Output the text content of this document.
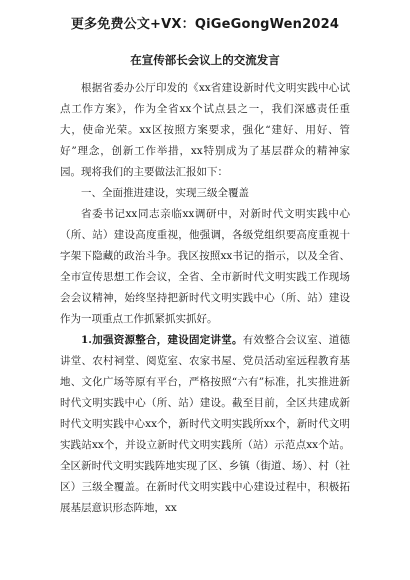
更多免费公文+VX：QiGeGongWen2024
在宣传部长会议上的交流发言

根据省委办公厅印发的《xx省建设新时代文明实践中心试点工作方案》，作为全省xx个试点县之一，我们深感责任重大，使命光荣。xx区按照方案要求，强化“建好、用好、管好”理念，创新工作举措，xx特别成为了基层群众的精神家园。现将我们的主要做法汇报如下：

一、全面推进建设，实现三级全覆盖

省委书记xx同志亲临xx调研中，对新时代文明实践中心（所、站）建设高度重视，他强调，各级党组织要高度重视十字架下隐藏的政治斗争。我区按照xx书记的指示，以及全省、全市宣传思想工作会议，全省、全市新时代文明实践工作现场会会议精神，始终坚持把新时代文明实践中心（所、站）建设作为一项重点工作抓紧抓实抓好。

1.加强资源整合，建设固定讲堂。有效整合会议室、道德讲堂、农村祠堂、阅览室、农家书屋、党员活动室远程教育基地、文化广场等原有平台，严格按照“六有”标准，扎实推进新时代文明实践中心（所、站）建设。截至目前，全区共建成新时代文明实践中心xx个，新时代文明实践所xx个，新时代文明实践站xx个，并设立新时代文明实践所（站）示范点xx个站。全区新时代文明实践阵地实现了区、乡镇（街道、场）、村（社区）三级全覆盖。在新时代文明实践中心建设过程中，积极拓展基层意识形态阵地，xx
